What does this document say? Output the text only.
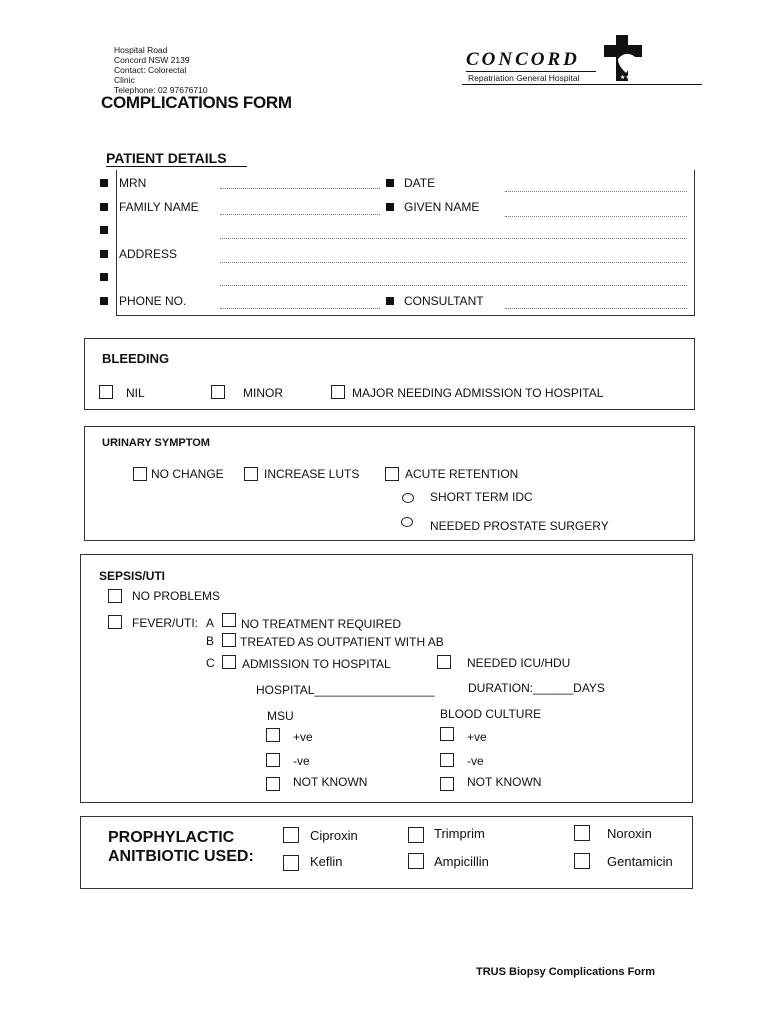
Hospital Road
Concord NSW 2139
Contact: Colorectal Clinic
Telephone: 02 97676710
CONCORD
Repatriation General Hospital	★★★
COMPLICATIONS FORM
PATIENT DETAILS
MRN	DATE
FAMILY NAME	GIVEN NAME
ADDRESS
PHONE NO.	CONSULTANT
BLEEDING
NIL	MINOR	MAJOR NEEDING ADMISSION TO HOSPITAL
URINARY SYMPTOM
NO CHANGE	INCREASE LUTS	ACUTE RETENTION
SHORT TERM IDC
NEEDED PROSTATE SURGERY
SEPSIS/UTI
NO PROBLEMS
FEVER/UTI: A NO TREATMENT REQUIRED
B TREATED AS OUTPATIENT WITH AB
C ADMISSION TO HOSPITAL	NEEDED ICU/HDU
HOSPITAL__________________	DURATION:______DAYS
MSU	BLOOD CULTURE
+ve	+ve
-ve	-ve
NOT KNOWN	NOT KNOWN
PROPHYLACTIC
ANITBIOTIC USED:
Ciproxin	Trimprim	Noroxin
Keflin	Ampicillin	Gentamicin
TRUS Biopsy Complications Form
